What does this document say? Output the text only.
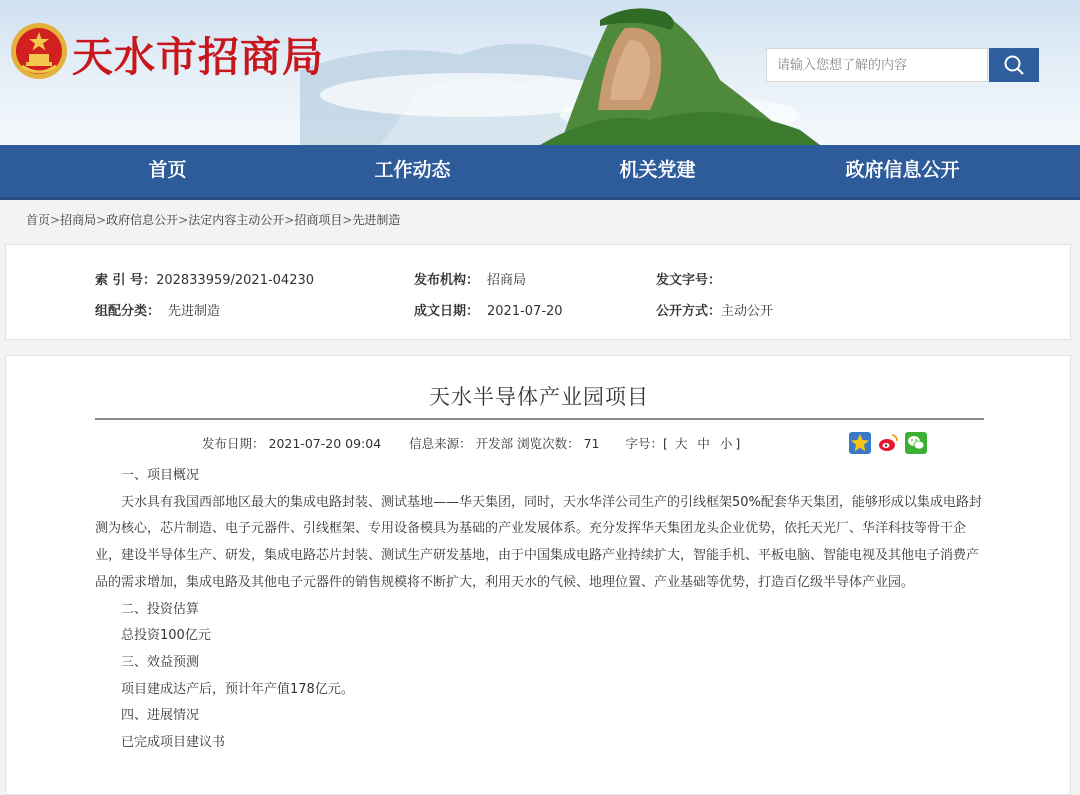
天水市招商局
请输入您想了解的内容
首页	工作动态	机关党建	政府信息公开
首页>招商局>政府信息公开>法定内容主动公开>招商项目>先进制造
索 引 号：202833959/2021-04230	发布机构： 招商局	发文字号：
组配分类： 先进制造	成文日期： 2021-07-20	公开方式：主动公开
天水半导体产业园项目
发布日期： 2021-07-20 09:04 信息来源： 开发部 浏览次数： 71 字号：[ 大 中 小 ]

一、项目概况

天水具有我国西部地区最大的集成电路封装、测试基地——华天集团，同时，天水华洋公司生产的引线框架50%配套华天集团，能够形成以集成电路封测为核心，芯片制造、电子元器件、引线框架、专用设备模具为基础的产业发展体系。充分发挥华天集团龙头企业优势，依托天光厂、华洋科技等骨干企业，建设半导体生产、研发，集成电路芯片封装、测试生产研发基地，由于中国集成电路产业持续扩大，智能手机、平板电脑、智能电视及其他电子消费产品的需求增加，集成电路及其他电子元器件的销售规模将不断扩大，利用天水的气候、地理位置、产业基础等优势，打造百亿级半导体产业园。

二、投资估算

总投资100亿元

三、效益预测

项目建成达产后，预计年产值178亿元。

四、进展情况

已完成项目建议书
